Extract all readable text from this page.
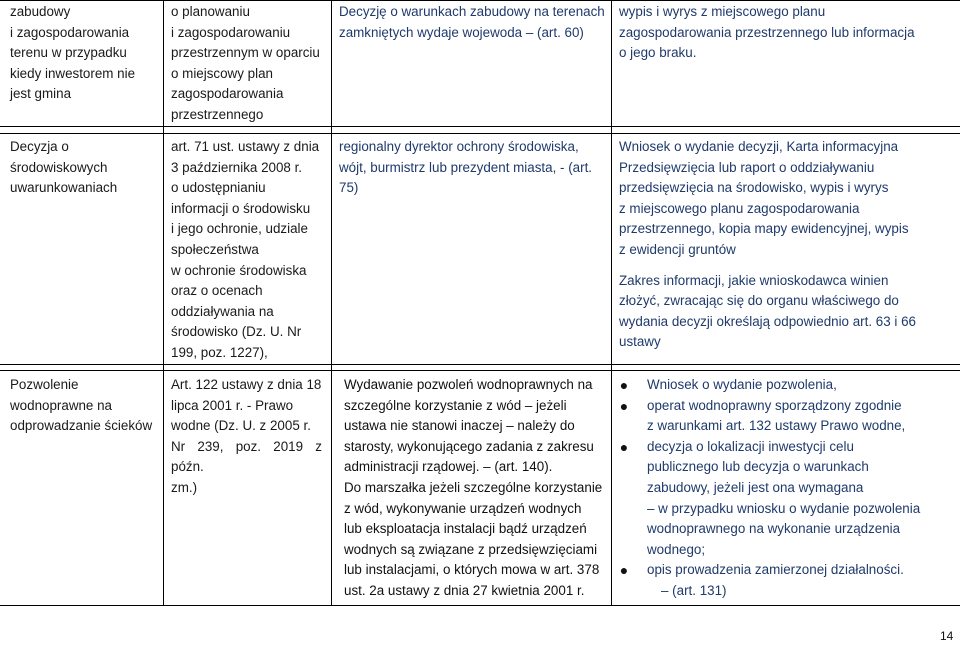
zabudowy

i zagospodarowania

terenu w przypadku

kiedy inwestorem nie

jest gmina

o planowaniu

i zagospodarowaniu

przestrzennym w oparciu

o miejscowy plan

zagospodarowania

przestrzennego

Decyzję o warunkach zabudowy na terenach

zamkniętych wydaje wojewoda – (art. 60)

wypis i wyrys z miejscowego planu

zagospodarowania przestrzennego lub informacja

o jego braku.

Decyzja o

środowiskowych

uwarunkowaniach

art. 71 ust. ustawy z dnia

3 października 2008 r.

o udostępnianiu

informacji o środowisku

i jego ochronie, udziale

społeczeństwa

w ochronie środowiska

oraz o ocenach

oddziaływania na

środowisko (Dz. U. Nr

199, poz. 1227),

regionalny dyrektor ochrony środowiska,

wójt, burmistrz lub prezydent miasta, - (art.

75)

Wniosek o wydanie decyzji, Karta informacyjna

Przedsięwzięcia lub raport o oddziaływaniu

przedsięwzięcia na środowisko, wypis i wyrys

z miejscowego planu zagospodarowania

przestrzennego, kopia mapy ewidencyjnej, wypis

z ewidencji gruntów

Zakres informacji, jakie wnioskodawca winien

złożyć, zwracając się do organu właściwego do

wydania decyzji określają odpowiednio art. 63 i 66

ustawy

Pozwolenie

wodnoprawne na

odprowadzanie ścieków

Art. 122 ustawy z dnia 18

lipca 2001 r. - Prawo

wodne (Dz. U. z 2005 r.

Nr 239, poz. 2019 z późn.

zm.)

Wydawanie pozwoleń wodnoprawnych na

szczególne korzystanie z wód – jeżeli

ustawa nie stanowi inaczej – należy do

starosty, wykonującego zadania z zakresu

administracji rządowej. – (art. 140).

Do marszałka jeżeli szczególne korzystanie

z wód, wykonywanie urządzeń wodnych

lub eksploatacja instalacji bądź urządzeń

wodnych są związane z przedsięwzięciami

lub instalacjami, o których mowa w art. 378

ust. 2a ustawy z dnia 27 kwietnia 2001 r.

● Wniosek o wydanie pozwolenia,

● operat wodnoprawny sporządzony zgodnie

z warunkami art. 132 ustawy Prawo wodne,

● decyzja o lokalizacji inwestycji celu

publicznego lub decyzja o warunkach

zabudowy, jeżeli jest ona wymagana

– w przypadku wniosku o wydanie pozwolenia

wodnoprawnego na wykonanie urządzenia

wodnego;

● opis prowadzenia zamierzonej działalności.

– (art. 131)

14
